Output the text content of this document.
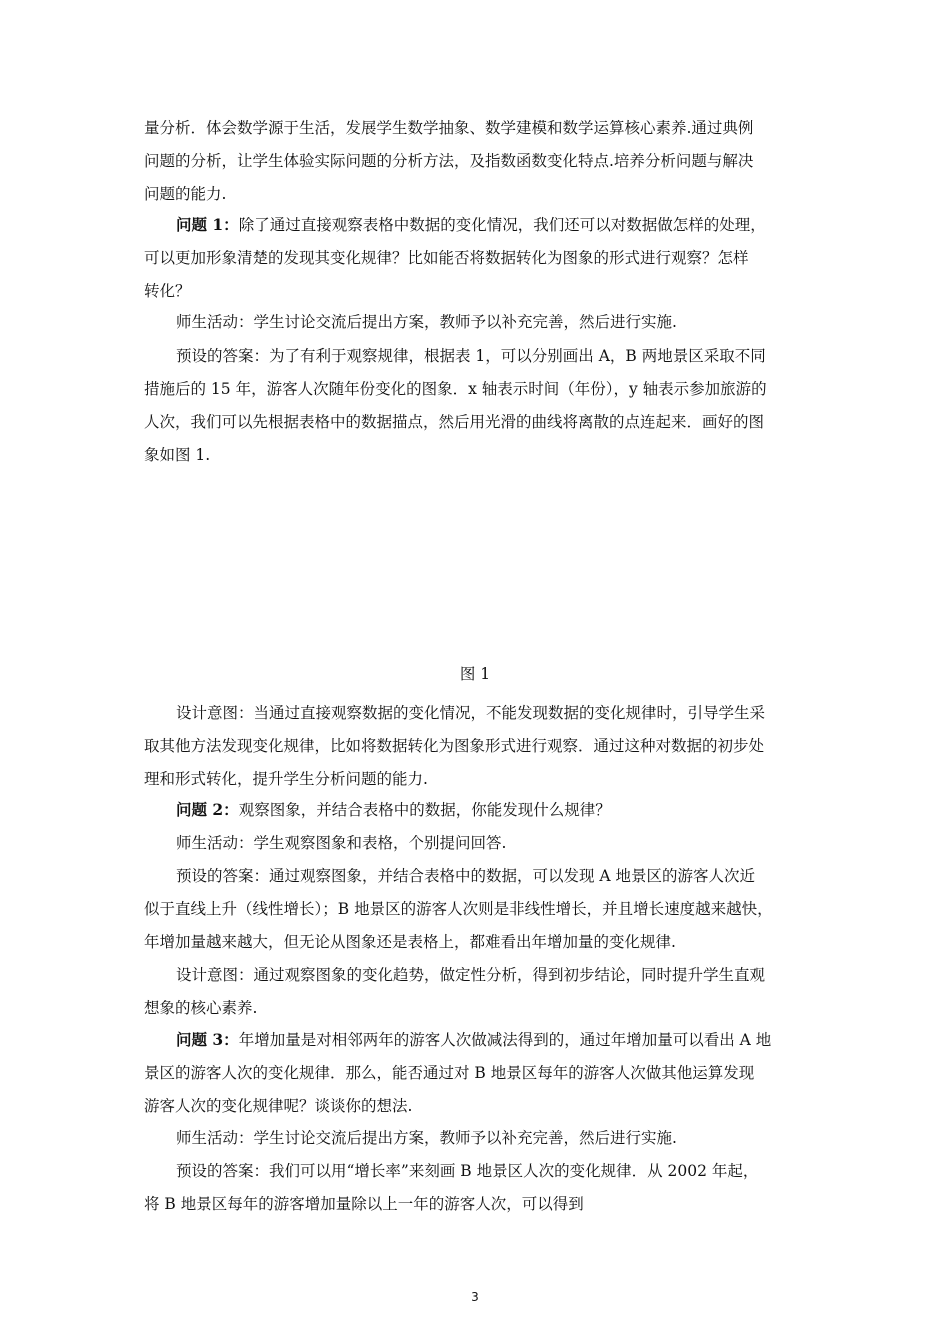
量分析．体会数学源于生活，发展学生数学抽象、数学建模和数学运算核心素养.通过典例
问题的分析，让学生体验实际问题的分析方法，及指数函数变化特点.培养分析问题与解决
问题的能力.
问题 1：除了通过直接观察表格中数据的变化情况，我们还可以对数据做怎样的处理，
可以更加形象清楚的发现其变化规律？比如能否将数据转化为图象的形式进行观察？怎样
转化？
师生活动：学生讨论交流后提出方案，教师予以补充完善，然后进行实施.
预设的答案：为了有利于观察规律，根据表 1，可以分别画出 A，B 两地景区采取不同
措施后的 15 年，游客人次随年份变化的图象．x 轴表示时间（年份），y 轴表示参加旅游的
人次，我们可以先根据表格中的数据描点，然后用光滑的曲线将离散的点连起来．画好的图
象如图 1.
图 1
设计意图：当通过直接观察数据的变化情况，不能发现数据的变化规律时，引导学生采
取其他方法发现变化规律，比如将数据转化为图象形式进行观察．通过这种对数据的初步处
理和形式转化，提升学生分析问题的能力.
问题 2：观察图象，并结合表格中的数据，你能发现什么规律？
师生活动：学生观察图象和表格，个别提问回答.
预设的答案：通过观察图象，并结合表格中的数据，可以发现 A 地景区的游客人次近
似于直线上升（线性增长）；B 地景区的游客人次则是非线性增长，并且增长速度越来越快，
年增加量越来越大，但无论从图象还是表格上，都难看出年增加量的变化规律.
设计意图：通过观察图象的变化趋势，做定性分析，得到初步结论，同时提升学生直观
想象的核心素养.
问题 3：年增加量是对相邻两年的游客人次做减法得到的，通过年增加量可以看出 A 地
景区的游客人次的变化规律．那么，能否通过对 B 地景区每年的游客人次做其他运算发现
游客人次的变化规律呢？谈谈你的想法.
师生活动：学生讨论交流后提出方案，教师予以补充完善，然后进行实施.
预设的答案：我们可以用“增长率”来刻画 B 地景区人次的变化规律．从 2002 年起，
将 B 地景区每年的游客增加量除以上一年的游客人次，可以得到
3
